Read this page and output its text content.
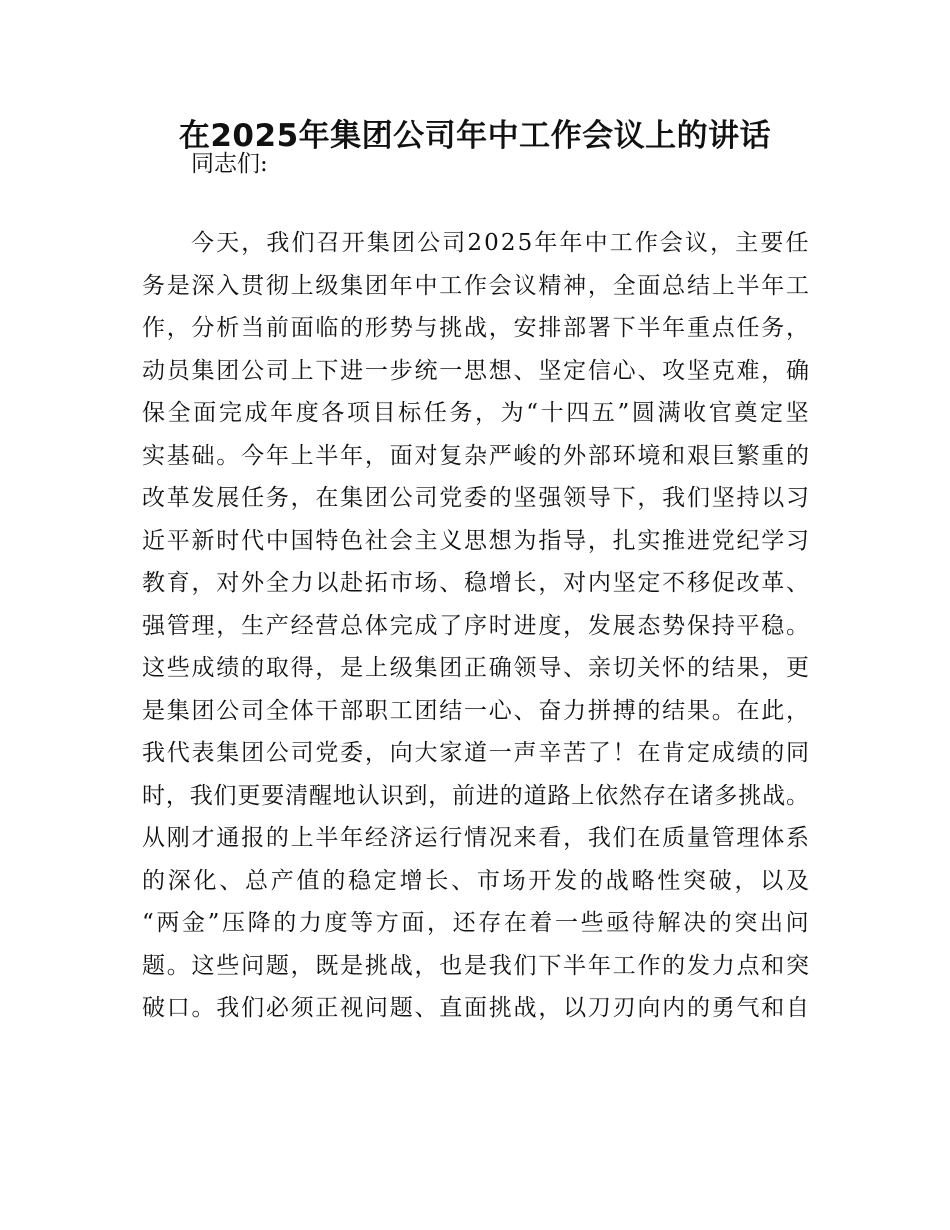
在2025年集团公司年中工作会议上的讲话
同志们:
今天，我们召开集团公司2025年年中工作会议，主要任
务是深入贯彻上级集团年中工作会议精神，全面总结上半年工
作，分析当前面临的形势与挑战，安排部署下半年重点任务，
动员集团公司上下进一步统一思想、坚定信心、攻坚克难，确
保全面完成年度各项目标任务，为“十四五”圆满收官奠定坚
实基础。今年上半年，面对复杂严峻的外部环境和艰巨繁重的
改革发展任务，在集团公司党委的坚强领导下，我们坚持以习
近平新时代中国特色社会主义思想为指导，扎实推进党纪学习
教育，对外全力以赴拓市场、稳增长，对内坚定不移促改革、
强管理，生产经营总体完成了序时进度，发展态势保持平稳。
这些成绩的取得，是上级集团正确领导、亲切关怀的结果，更
是集团公司全体干部职工团结一心、奋力拼搏的结果。在此，
我代表集团公司党委，向大家道一声辛苦了！在肯定成绩的同
时，我们更要清醒地认识到，前进的道路上依然存在诸多挑战。
从刚才通报的上半年经济运行情况来看，我们在质量管理体系
的深化、总产值的稳定增长、市场开发的战略性突破，以及
“两金”压降的力度等方面，还存在着一些亟待解决的突出问
题。这些问题，既是挑战，也是我们下半年工作的发力点和突
破口。我们必须正视问题、直面挑战，以刀刃向内的勇气和自
